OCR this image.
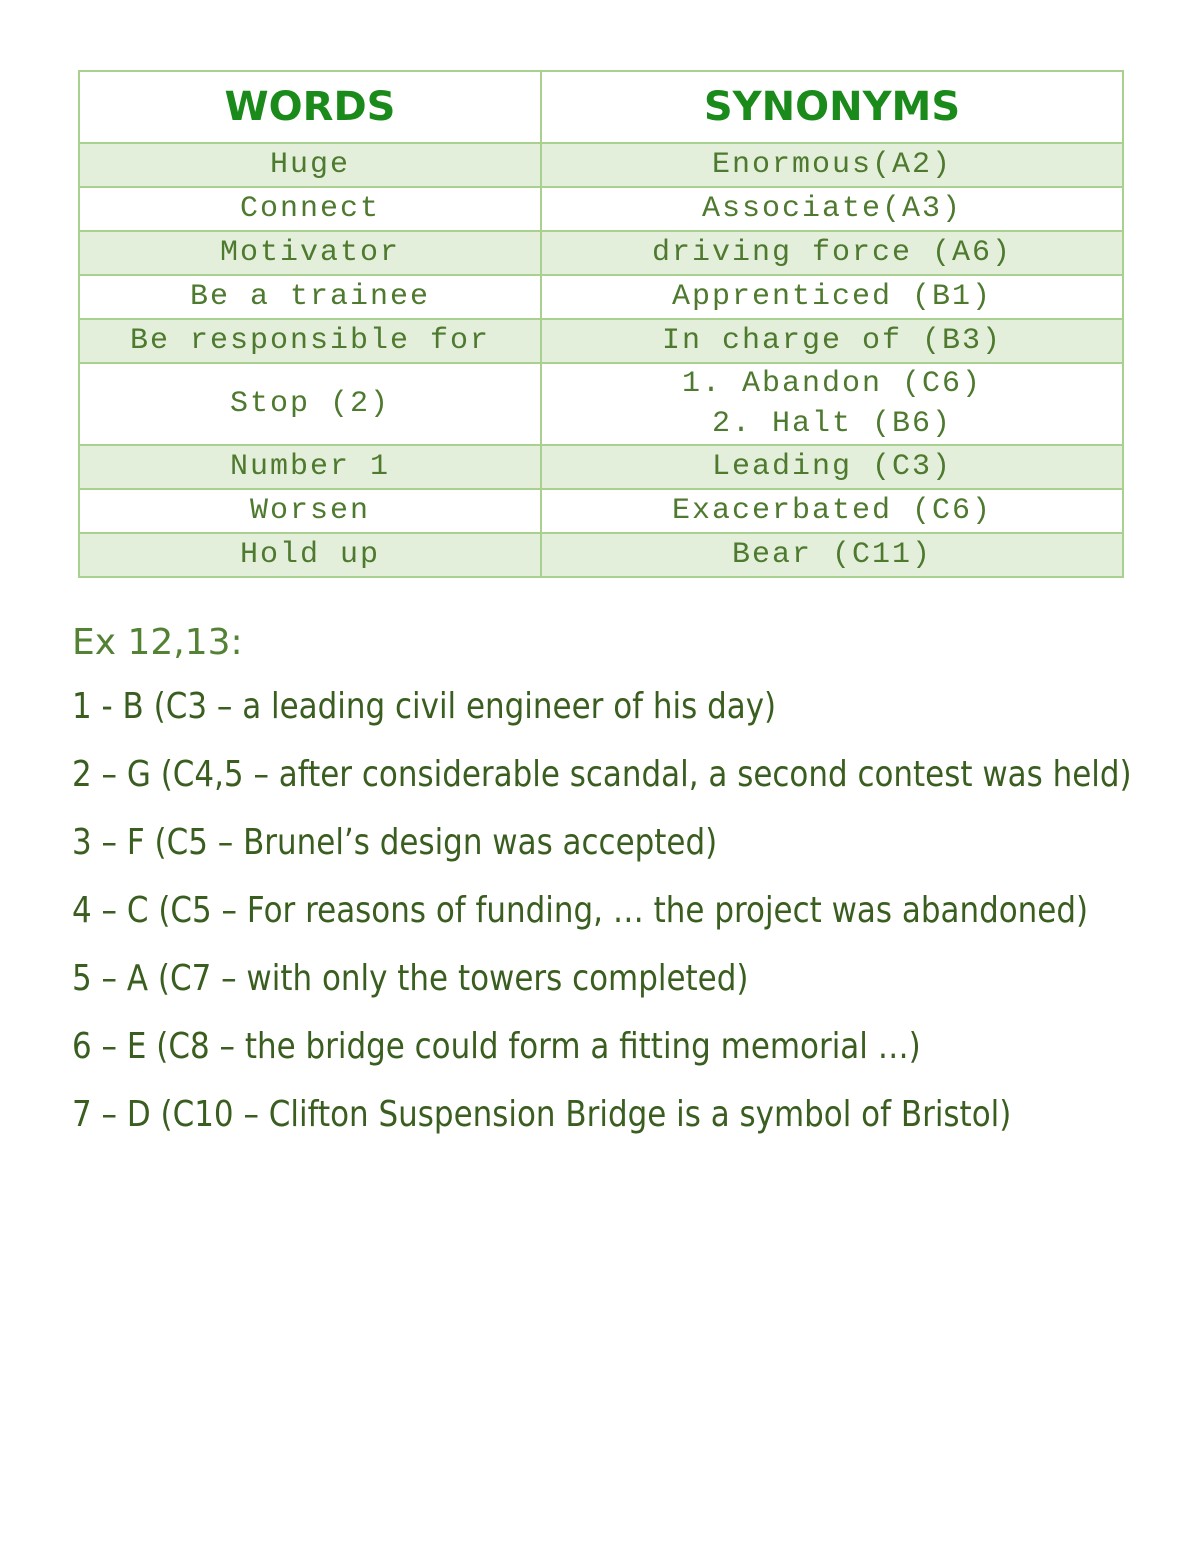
WORDS	SYNONYMS
Huge	Enormous(A2)

Connect	Associate(A3)

Motivator	driving force (A6)

Be a trainee	Apprenticed (B1)

Be responsible for	In charge of (B3)

Stop (2)	1. Abandon (C6)
2. Halt (B6)

Number 1	Leading (C3)

Worsen	Exacerbated (C6)

Hold up	Bear (C11)

Ex 12,13:

1 - B (C3 – a leading civil engineer of his day)

2 – G (C4,5 – after considerable scandal, a second contest was held)

3 – F (C5 – Brunel’s design was accepted)

4 – C (C5 – For reasons of funding, … the project was abandoned)

5 – A (C7 – with only the towers completed)

6 – E (C8 – the bridge could form a fitting memorial …)

7 – D (C10 – Clifton Suspension Bridge is a symbol of Bristol)
